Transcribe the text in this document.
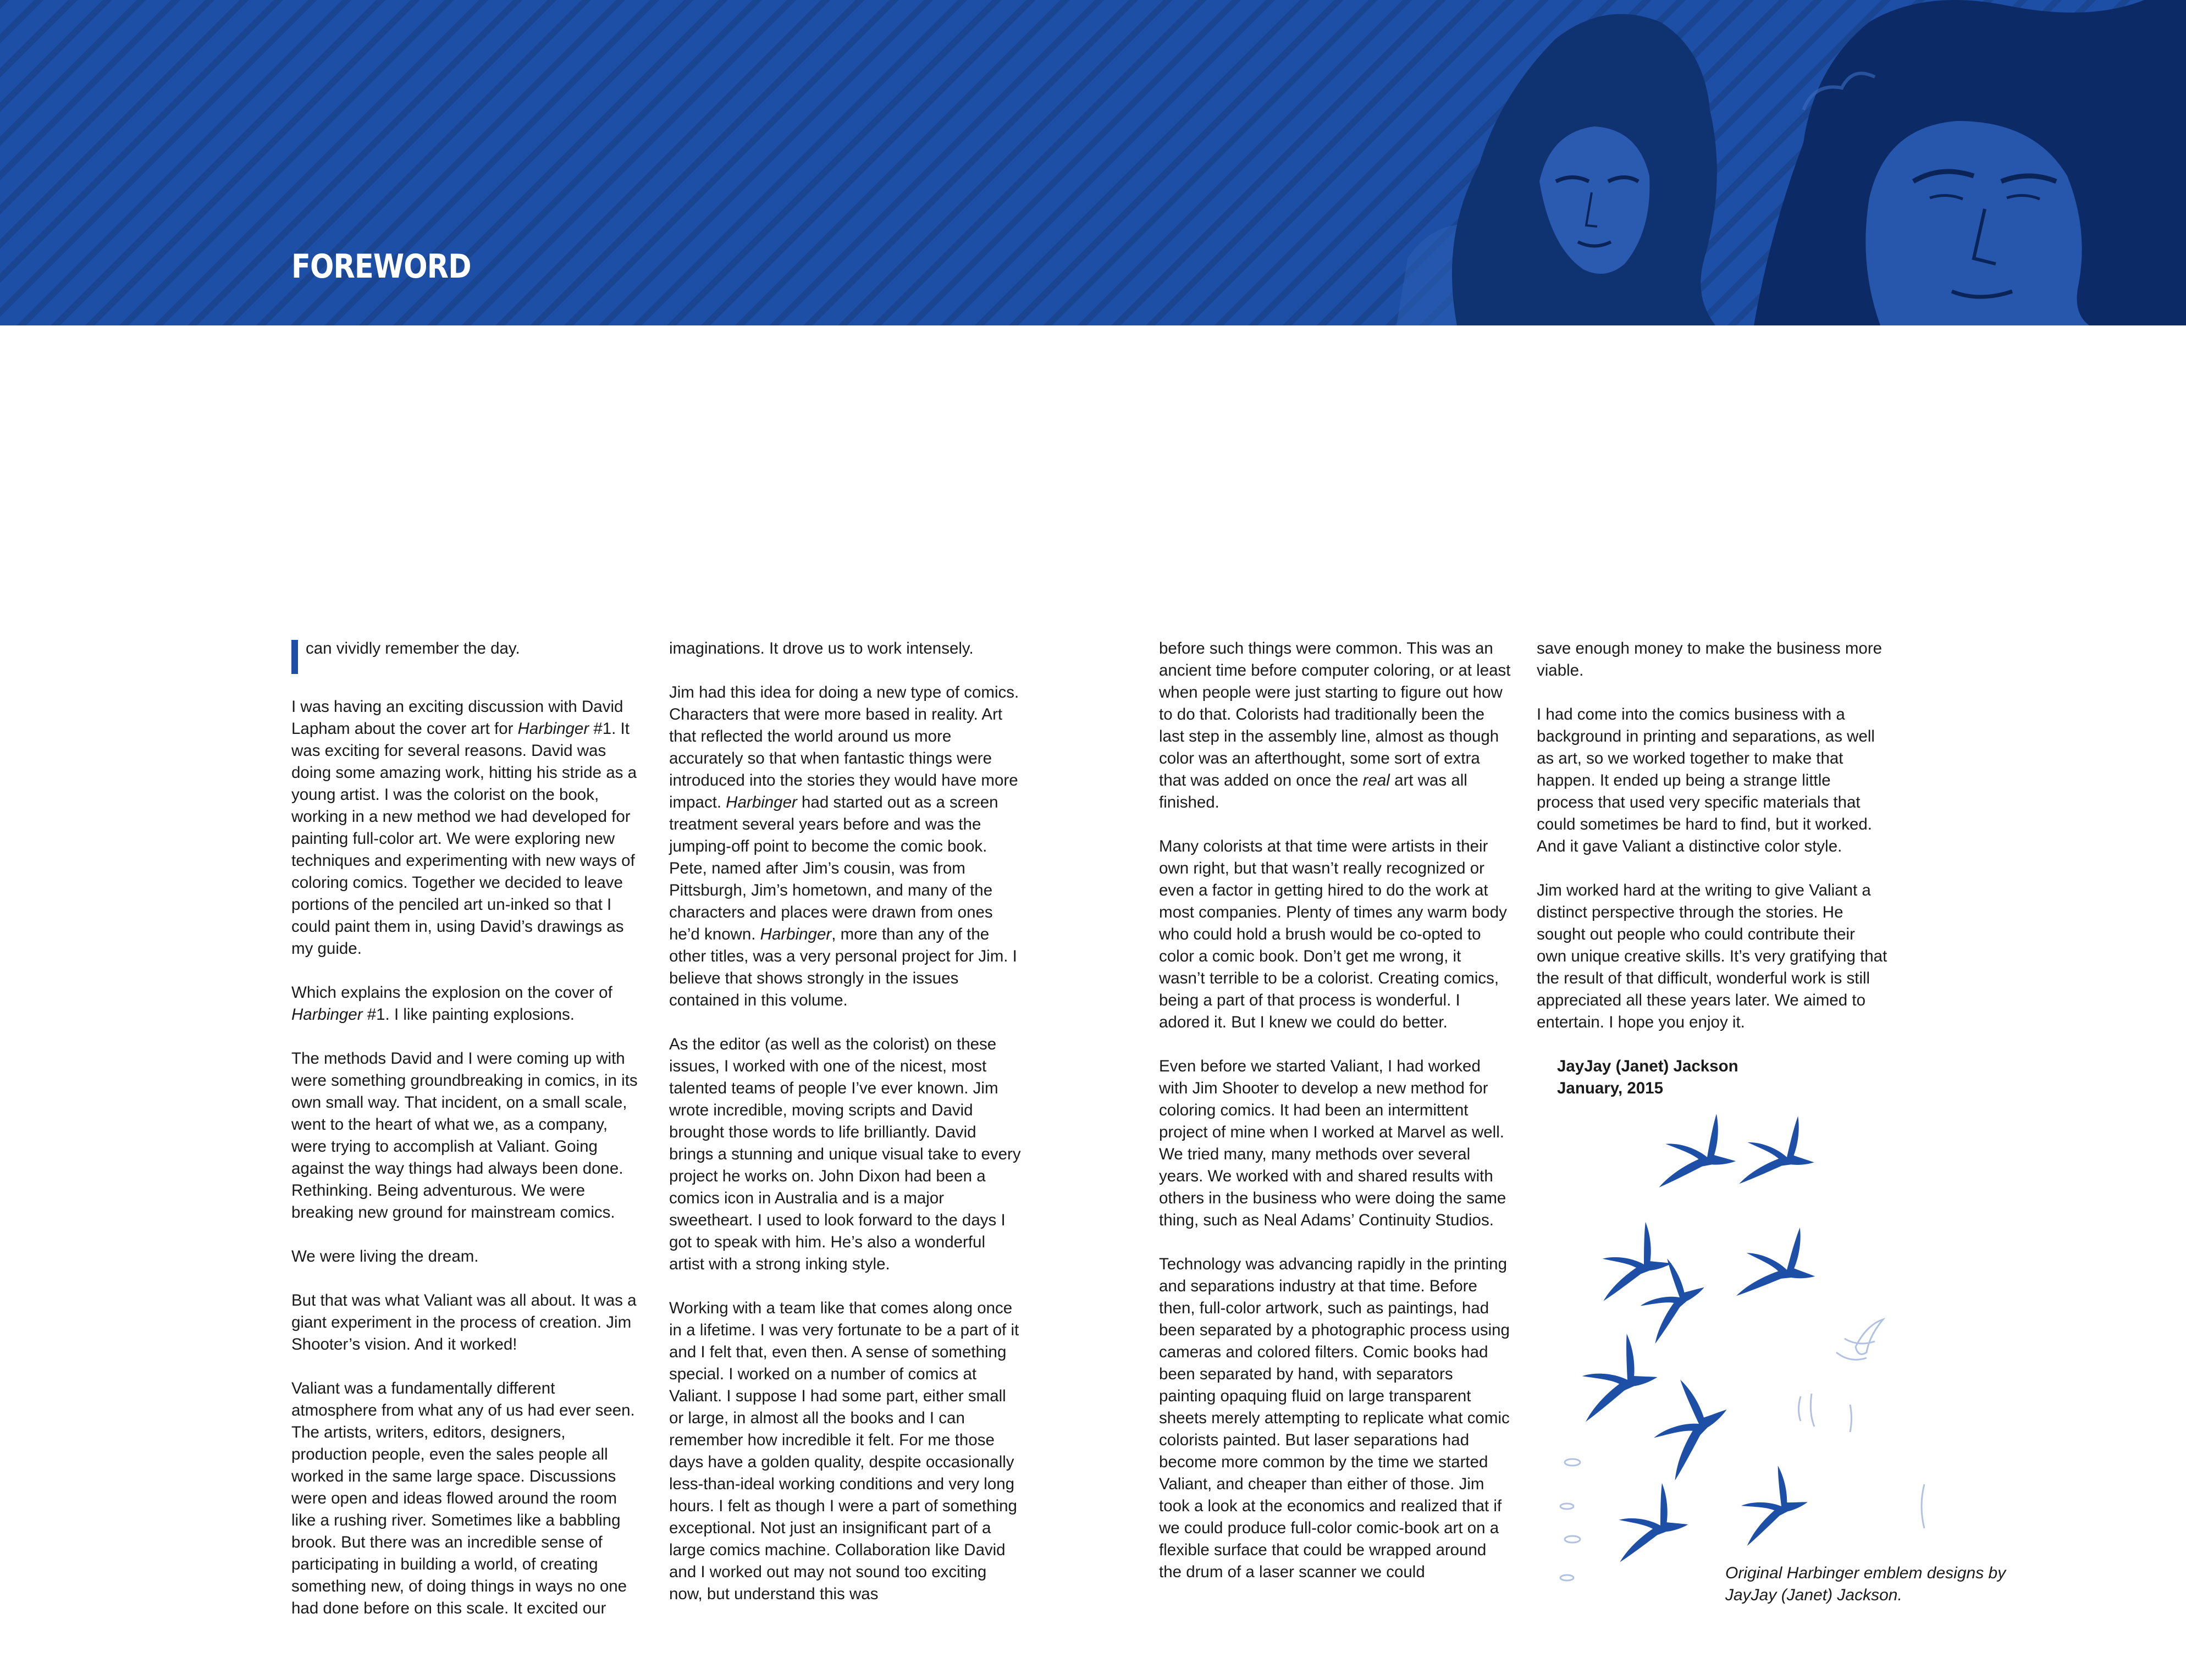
FOREWORD

can vividly remember the day.

I was having an exciting discussion with David Lapham about the cover art for Harbinger #1. It was exciting for several reasons. David was doing some amazing work, hitting his stride as a young artist. I was the colorist on the book, working in a new method we had developed for painting full-color art. We were exploring new techniques and experimenting with new ways of coloring comics. Together we decided to leave portions of the penciled art un-inked so that I could paint them in, using David’s drawings as my guide.

Which explains the explosion on the cover of Harbinger #1. I like painting explosions.

The methods David and I were coming up with were something groundbreaking in comics, in its own small way. That incident, on a small scale, went to the heart of what we, as a company, were trying to accomplish at Valiant. Going against the way things had always been done. Rethinking. Being adventurous. We were breaking new ground for mainstream comics.

We were living the dream.

But that was what Valiant was all about. It was a giant experiment in the process of creation. Jim Shooter’s vision. And it worked!

Valiant was a fundamentally different atmosphere from what any of us had ever seen. The artists, writers, editors, designers, production people, even the sales people all worked in the same large space. Discussions were open and ideas flowed around the room like a rushing river. Sometimes like a babbling brook. But there was an incredible sense of participating in building a world, of creating something new, of doing things in ways no one had done before on this scale. It excited our

imaginations. It drove us to work intensely.

Jim had this idea for doing a new type of comics. Characters that were more based in reality. Art that reflected the world around us more accurately so that when fantastic things were introduced into the stories they would have more impact. Harbinger had started out as a screen treatment several years before and was the jumping-off point to become the comic book. Pete, named after Jim’s cousin, was from Pittsburgh, Jim’s hometown, and many of the characters and places were drawn from ones he’d known. Harbinger, more than any of the other titles, was a very personal project for Jim. I believe that shows strongly in the issues contained in this volume.

As the editor (as well as the colorist) on these issues, I worked with one of the nicest, most talented teams of people I’ve ever known. Jim wrote incredible, moving scripts and David brought those words to life brilliantly. David brings a stunning and unique visual take to every project he works on. John Dixon had been a comics icon in Australia and is a major sweetheart. I used to look forward to the days I got to speak with him. He’s also a wonderful artist with a strong inking style.

Working with a team like that comes along once in a lifetime. I was very fortunate to be a part of it and I felt that, even then. A sense of something special. I worked on a number of comics at Valiant. I suppose I had some part, either small or large, in almost all the books and I can remember how incredible it felt. For me those days have a golden quality, despite occasionally less-than-ideal working conditions and very long hours. I felt as though I were a part of something exceptional. Not just an insignificant part of a large comics machine. Collaboration like David and I worked out may not sound too exciting now, but understand this was

before such things were common. This was an ancient time before computer coloring, or at least when people were just starting to figure out how to do that. Colorists had traditionally been the last step in the assembly line, almost as though color was an afterthought, some sort of extra that was added on once the real art was all finished.

Many colorists at that time were artists in their own right, but that wasn’t really recognized or even a factor in getting hired to do the work at most companies. Plenty of times any warm body who could hold a brush would be co-opted to color a comic book. Don’t get me wrong, it wasn’t terrible to be a colorist. Creating comics, being a part of that process is wonderful. I adored it. But I knew we could do better.

Even before we started Valiant, I had worked with Jim Shooter to develop a new method for coloring comics. It had been an intermittent project of mine when I worked at Marvel as well. We tried many, many methods over several years. We worked with and shared results with others in the business who were doing the same thing, such as Neal Adams’ Continuity Studios.

Technology was advancing rapidly in the printing and separations industry at that time. Before then, full-color artwork, such as paintings, had been separated by a photographic process using cameras and colored filters. Comic books had been separated by hand, with separators painting opaquing fluid on large transparent sheets merely attempting to replicate what comic colorists painted. But laser separations had become more common by the time we started Valiant, and cheaper than either of those. Jim took a look at the economics and realized that if we could produce full-color comic-book art on a flexible surface that could be wrapped around the drum of a laser scanner we could

save enough money to make the business more viable.

I had come into the comics business with a background in printing and separations, as well as art, so we worked together to make that happen. It ended up being a strange little process that used very specific materials that could sometimes be hard to find, but it worked. And it gave Valiant a distinctive color style.

Jim worked hard at the writing to give Valiant a distinct perspective through the stories. He sought out people who could contribute their own unique creative skills. It’s very gratifying that the result of that difficult, wonderful work is still appreciated all these years later. We aimed to entertain. I hope you enjoy it.

JayJay (Janet) Jackson
January, 2015
Original Harbinger emblem designs by
JayJay (Janet) Jackson.
